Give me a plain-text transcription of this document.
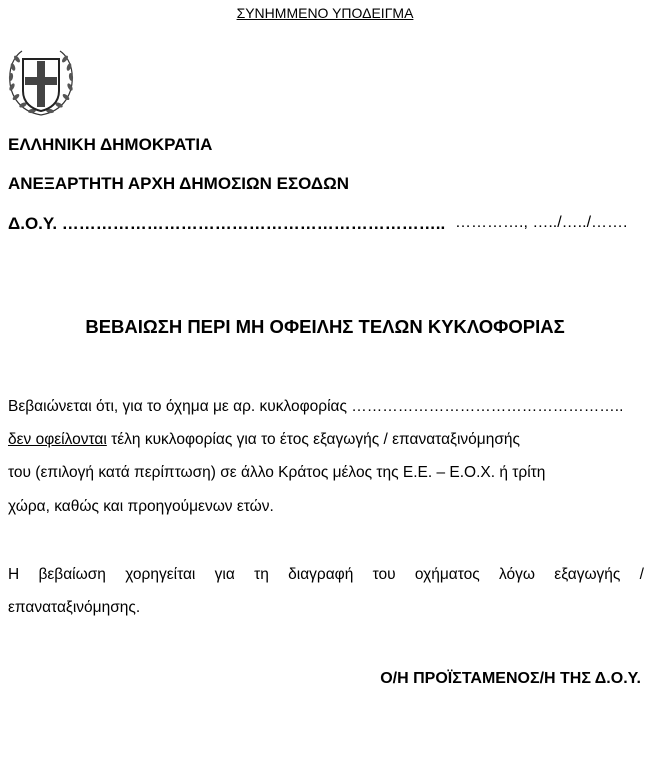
ΣΥΝΗΜΜΕΝΟ ΥΠΟΔΕΙΓΜΑ
ΕΛΛΗΝΙΚΗ ΔΗΜΟΚΡΑΤΙΑ
ΑΝΕΞΑΡΤΗΤΗ ΑΡΧΗ ΔΗΜΟΣΙΩΝ ΕΣΟΔΩΝ
Δ.Ο.Υ. ………………………………………………………….. …………., …../…../…….
ΒΕΒΑΙΩΣΗ ΠΕΡΙ ΜΗ ΟΦΕΙΛΗΣ ΤΕΛΩΝ ΚΥΚΛΟΦΟΡΙΑΣ
Βεβαιώνεται ότι, για το όχημα με αρ. κυκλοφορίας ……………………………………………..
δεν οφείλονται τέλη κυκλοφορίας για το έτος εξαγωγής / επαναταξινόμησής
του (επιλογή κατά περίπτωση) σε άλλο Κράτος μέλος της Ε.Ε. – Ε.Ο.Χ. ή τρίτη
χώρα, καθώς και προηγούμενων ετών.
Η βεβαίωση χορηγείται για τη διαγραφή του οχήματος λόγω εξαγωγής /
επαναταξινόμησης.
Ο/Η ΠΡΟΪΣΤΑΜΕΝΟΣ/Η ΤΗΣ Δ.Ο.Υ.
